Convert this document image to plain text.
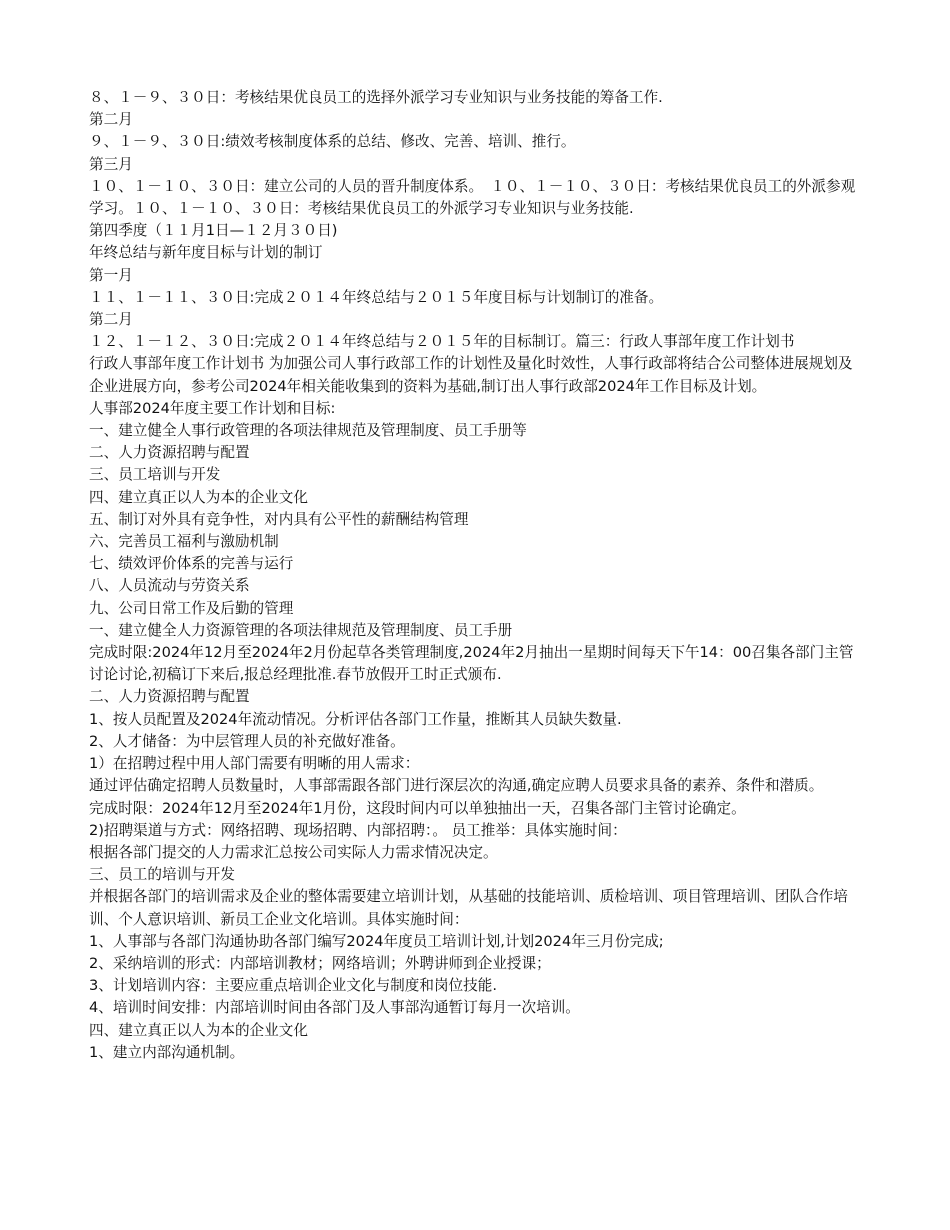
８、１－９、３０日：考核结果优良员工的选择外派学习专业知识与业务技能的筹备工作.

第二月

９、１－９、３０日:绩效考核制度体系的总结、修改、完善、培训、推行。

第三月

１０、１－１０、３０日：建立公司的人员的晋升制度体系。　１０、１－１０、３０日：考核结果优良员工的外派参观学习。１０、１－１０、３０日：考核结果优良员工的外派学习专业知识与业务技能.

第四季度（１１月1日—１２月３０日)

年终总结与新年度目标与计划的制订

第一月

１１、１－１１、３０日:完成２０１４年终总结与２０１５年度目标与计划制订的准备。

第二月

１２、１－１２、３０日:完成２０１４年终总结与２０１５年的目标制订。篇三：行政人事部年度工作计划书

行政人事部年度工作计划书 为加强公司人事行政部工作的计划性及量化时效性，人事行政部将结合公司整体进展规划及企业进展方向，参考公司2024年相关能收集到的资料为基础,制订出人事行政部2024年工作目标及计划。

人事部2024年度主要工作计划和目标:

一、建立健全人事行政管理的各项法律规范及管理制度、员工手册等

二、人力资源招聘与配置

三、员工培训与开发

四、建立真正以人为本的企业文化

五、制订对外具有竞争性，对内具有公平性的薪酬结构管理

六、完善员工福利与激励机制

七、绩效评价体系的完善与运行

八、人员流动与劳资关系

九、公司日常工作及后勤的管理

一、建立健全人力资源管理的各项法律规范及管理制度、员工手册

完成时限:2024年12月至2024年2月份起草各类管理制度,2024年2月抽出一星期时间每天下午14：00召集各部门主管讨论讨论,初稿订下来后,报总经理批准.春节放假开工时正式颁布.

二、人力资源招聘与配置

1、按人员配置及2024年流动情况。分析评估各部门工作量，推断其人员缺失数量.

2、人才储备：为中层管理人员的补充做好准备。

1）在招聘过程中用人部门需要有明晰的用人需求：

通过评估确定招聘人员数量时，人事部需跟各部门进行深层次的沟通,确定应聘人员要求具备的素养、条件和潜质。

完成时限：2024年12月至2024年1月份，这段时间内可以单独抽出一天，召集各部门主管讨论确定。

2)招聘渠道与方式：网络招聘、现场招聘、内部招聘：。 员工推举：具体实施时间：

根据各部门提交的人力需求汇总按公司实际人力需求情况决定。

三、员工的培训与开发

并根据各部门的培训需求及企业的整体需要建立培训计划，从基础的技能培训、质检培训、项目管理培训、团队合作培训、个人意识培训、新员工企业文化培训。具体实施时间：

1、人事部与各部门沟通协助各部门编写2024年度员工培训计划,计划2024年三月份完成;

2、采纳培训的形式：内部培训教材；网络培训；外聘讲师到企业授课；

3、计划培训内容：主要应重点培训企业文化与制度和岗位技能.

4、培训时间安排：内部培训时间由各部门及人事部沟通暂订每月一次培训。

四、建立真正以人为本的企业文化

1、建立内部沟通机制。
